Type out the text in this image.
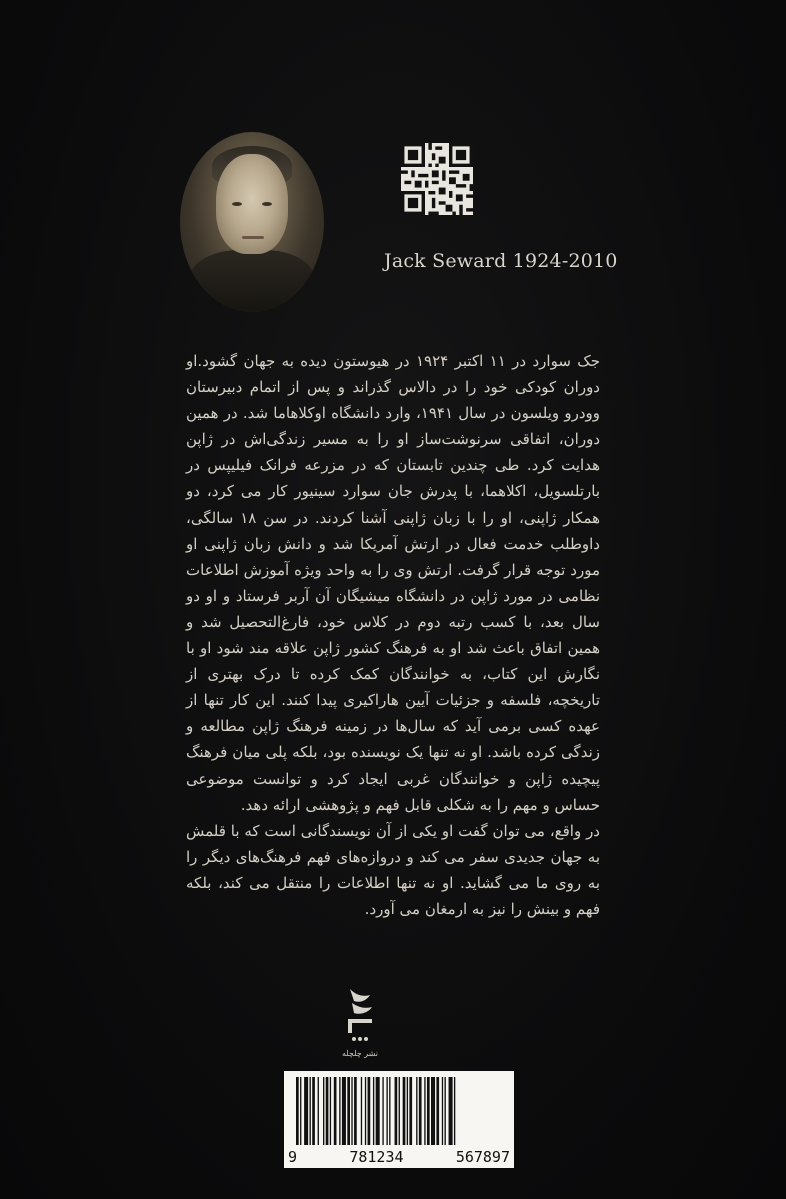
Jack Seward 1924-2010

جک سوارد در ۱۱ اکتبر ۱۹۲۴ در هیوستون دیده به جهان گشود.او دوران کودکی خود را در دالاس گذراند و پس از اتمام دبیرستان وودرو ویلسون در سال ۱۹۴۱، وارد دانشگاه اوکلاهاما شد. در همین دوران، اتفاقی سرنوشت‌ساز او را به مسیر زندگی‌اش در ژاپن هدایت کرد. طی چندین تابستان که در مزرعه فرانک فیلیپس در بارتلسویل، اکلاهما، با پدرش جان سوارد سینیور کار می کرد، دو همکار ژاپنی، او را با زبان ژاپنی آشنا کردند. در سن ۱۸ سالگی، داوطلب خدمت فعال در ارتش آمریکا شد و دانش زبان ژاپنی او مورد توجه قرار گرفت. ارتش وی را به واحد ویژه آموزش اطلاعات نظامی در مورد ژاپن در دانشگاه میشیگان آن آربر فرستاد و او دو سال بعد، با کسب رتبه دوم در کلاس خود، فارغ‌التحصیل شد و همین اتفاق باعث شد او به فرهنگ کشور ژاپن علاقه مند شود او با نگارش این کتاب، به خوانندگان کمک کرده تا درک بهتری از تاریخچه، فلسفه و جزئیات آیین هاراکیری پیدا کنند. این کار تنها از عهده کسی برمی آید که سال‌ها در زمینه فرهنگ ژاپن مطالعه و زندگی کرده باشد. او نه تنها یک نویسنده بود، بلکه پلی میان فرهنگ پیچیده ژاپن و خوانندگان غربی ایجاد کرد و توانست موضوعی حساس و مهم را به شکلی قابل فهم و پژوهشی ارائه دهد.

در واقع، می توان گفت او یکی از آن نویسندگانی است که با قلمش به جهان جدیدی سفر می کند و دروازه‌های فهم فرهنگ‌های دیگر را به روی ما می گشاید. او نه تنها اطلاعات را منتقل می کند، بلکه فهم و بینش را نیز به ارمغان می آورد.

نشر چلچله
9	781234	567897
